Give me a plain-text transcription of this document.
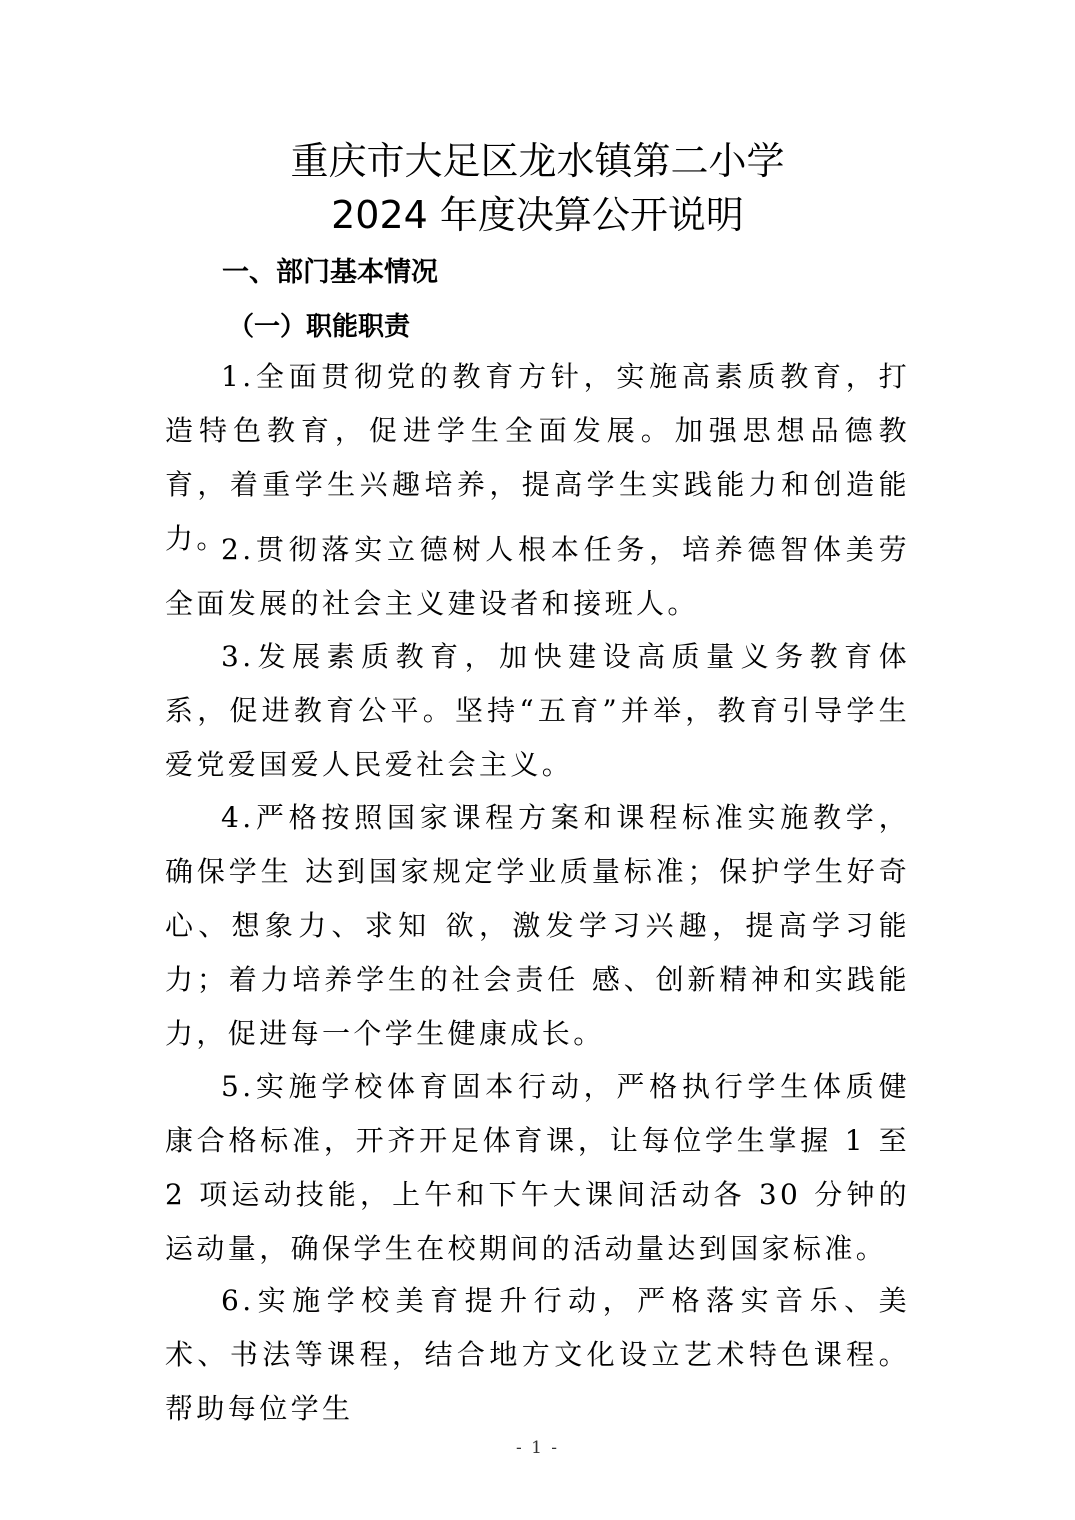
重庆市大足区龙水镇第二小学
2024 年度决算公开说明
一、部门基本情况
（一）职能职责

1.全面贯彻党的教育方针，实施高素质教育，打造特色教育，促进学生全面发展。加强思想品德教育，着重学生兴趣培养，提高学生实践能力和创造能力。

2.贯彻落实立德树人根本任务，培养德智体美劳全面发展的社会主义建设者和接班人。

3.发展素质教育，加快建设高质量义务教育体系，促进教育公平。坚持“五育”并举，教育引导学生爱党爱国爱人民爱社会主义。

4.严格按照国家课程方案和课程标准实施教学，确保学生 达到国家规定学业质量标准；保护学生好奇心、想象力、求知 欲，激发学习兴趣，提高学习能力；着力培养学生的社会责任 感、创新精神和实践能力，促进每一个学生健康成长。

5.实施学校体育固本行动，严格执行学生体质健康合格标准，开齐开足体育课，让每位学生掌握 1 至 2 项运动技能，上午和下午大课间活动各 30 分钟的运动量，确保学生在校期间的活动量达到国家标准。

6.实施学校美育提升行动，严格落实音乐、美术、书法等课程，结合地方文化设立艺术特色课程。帮助每位学生

- 1 -
